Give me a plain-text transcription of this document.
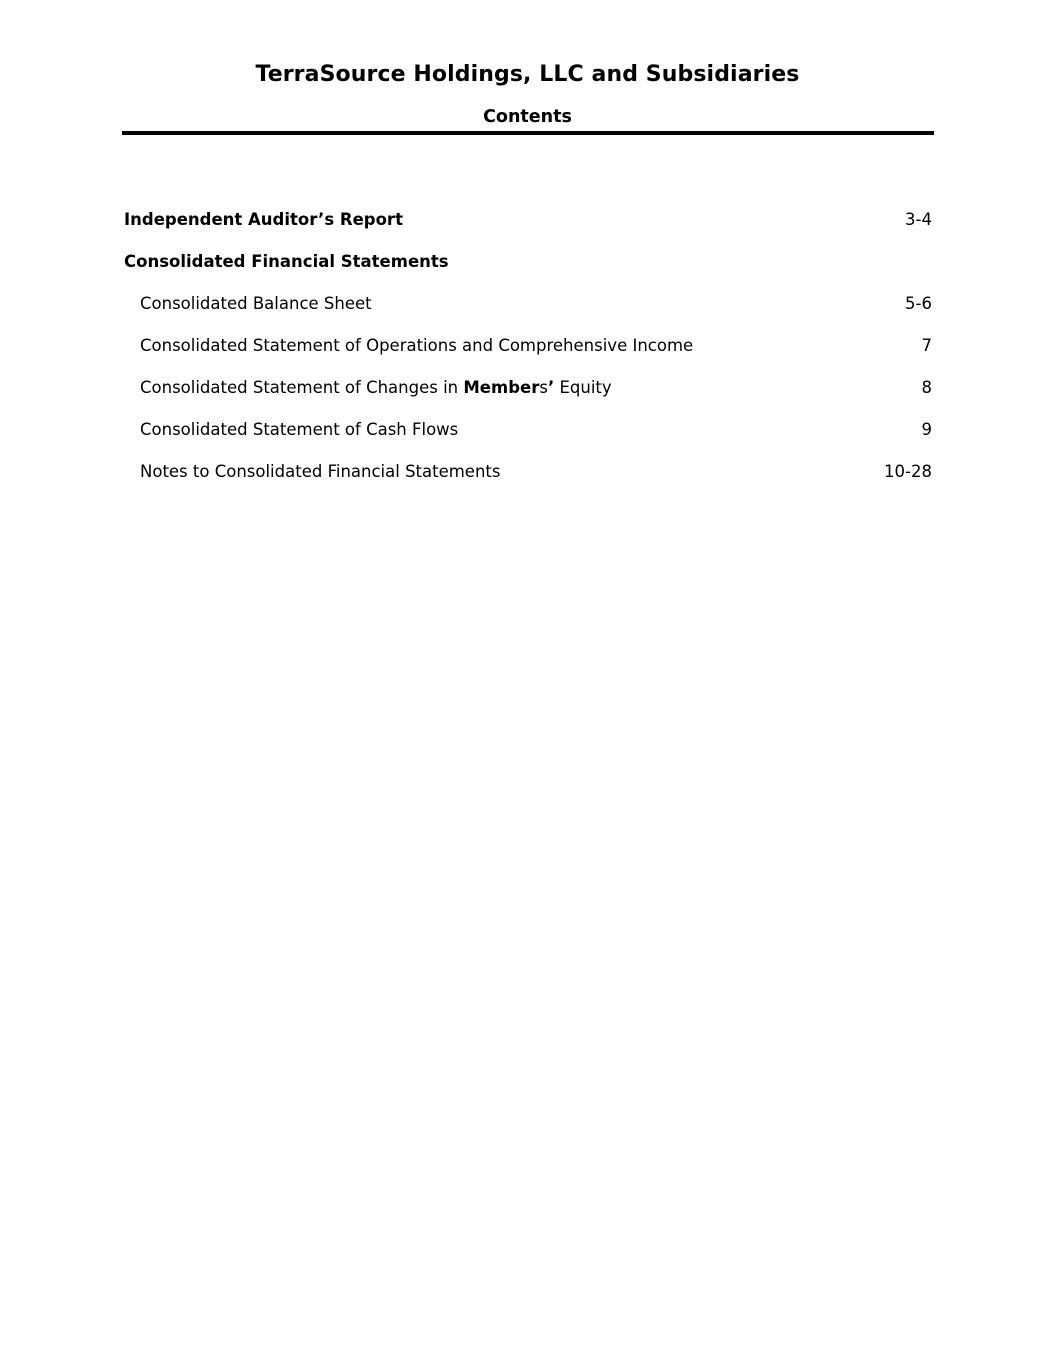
TerraSource Holdings, LLC and Subsidiaries
Contents
Independent Auditor’s Report	3-4
Consolidated Financial Statements
Consolidated Balance Sheet	5-6
Consolidated Statement of Operations and Comprehensive Income	7
Consolidated Statement of Changes in Members’ Equity	8
Consolidated Statement of Cash Flows	9
Notes to Consolidated Financial Statements	10-28
